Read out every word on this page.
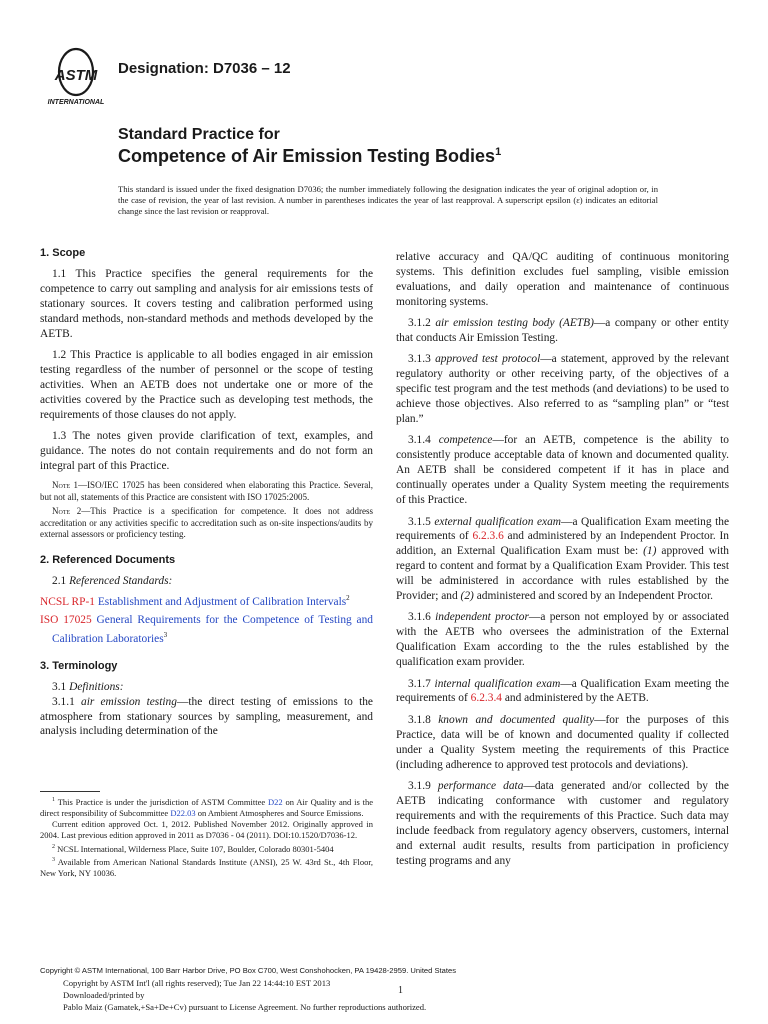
ASTM
INTERNATIONAL
Designation: D7036 – 12
Standard Practice for
Competence of Air Emission Testing Bodies$^1$
This standard is issued under the fixed designation D7036; the number immediately following the designation indicates the year of original adoption or, in the case of revision, the year of last revision. A number in parentheses indicates the year of last reapproval. A superscript epsilon (ε) indicates an editorial change since the last revision or reapproval.

1. Scope

1.1 This Practice specifies the general requirements for the competence to carry out sampling and analysis for air emissions tests of stationary sources. It covers testing and calibration performed using standard methods, non-standard methods and methods developed by the AETB.

1.2 This Practice is applicable to all bodies engaged in air emission testing regardless of the number of personnel or the scope of testing activities. When an AETB does not undertake one or more of the activities covered by the Practice such as developing test methods, the requirements of those clauses do not apply.

1.3 The notes given provide clarification of text, examples, and guidance. The notes do not contain requirements and do not form an integral part of this Practice.

Note 1—ISO/IEC 17025 has been considered when elaborating this Practice. Several, but not all, statements of this Practice are consistent with ISO 17025:2005.

Note 2—This Practice is a specification for competence. It does not address accreditation or any activities specific to accreditation such as on-site inspections/audits by external assessors or proficiency testing.

2. Referenced Documents

2.1 Referenced Standards:

NCSL RP-1 Establishment and Adjustment of Calibration Intervals$^2$

ISO 17025 General Requirements for the Competence of Testing and Calibration Laboratories$^3$

3. Terminology

3.1 Definitions:

3.1.1 air emission testing—the direct testing of emissions to the atmosphere from stationary sources by sampling, measurement, and analysis including determination of the

relative accuracy and QA/QC auditing of continuous monitoring systems. This definition excludes fuel sampling, visible emission evaluations, and daily operation and maintenance of continuous monitoring systems.

3.1.2 air emission testing body (AETB)—a company or other entity that conducts Air Emission Testing.

3.1.3 approved test protocol—a statement, approved by the relevant regulatory authority or other receiving party, of the objectives of a specific test program and the test methods (and deviations) to be used to achieve those objectives. Also referred to as “sampling plan” or “test plan.”

3.1.4 competence—for an AETB, competence is the ability to consistently produce acceptable data of known and documented quality. An AETB shall be considered competent if it has in place and continually operates under a Quality System meeting the requirements of this Practice.

3.1.5 external qualification exam—a Qualification Exam meeting the requirements of 6.2.3.6 and administered by an Independent Proctor. In addition, an External Qualification Exam must be: (1) approved with regard to content and format by a Qualification Exam Provider. This test will be administered in accordance with rules established by the Provider; and (2) administered and scored by an Independent Proctor.

3.1.6 independent proctor—a person not employed by or associated with the AETB who oversees the administration of the External Qualification Exam according to the the rules established by the qualification exam provider.

3.1.7 internal qualification exam—a Qualification Exam meeting the requirements of 6.2.3.4 and administered by the AETB.

3.1.8 known and documented quality—for the purposes of this Practice, data will be of known and documented quality if collected under a Quality System meeting the requirements of this Practice (including adherence to approved test protocols and deviations).

3.1.9 performance data—data generated and/or collected by the AETB indicating conformance with customer and regulatory requirements and with the requirements of this Practice. Such data may include feedback from regulatory agency observers, customers, internal and external audit results, results from participation in proficiency testing programs and any

$^1$ This Practice is under the jurisdiction of ASTM Committee D22 on Air Quality and is the direct responsibility of Subcommittee D22.03 on Ambient Atmospheres and Source Emissions.

Current edition approved Oct. 1, 2012. Published November 2012. Originally approved in 2004. Last previous edition approved in 2011 as D7036 - 04 (2011). DOI:10.1520/D7036-12.

$^2$ NCSL International, Wilderness Place, Suite 107, Boulder, Colorado 80301-5404

$^3$ Available from American National Standards Institute (ANSI), 25 W. 43rd St., 4th Floor, New York, NY 10036.

Copyright © ASTM International, 100 Barr Harbor Drive, PO Box C700, West Conshohocken, PA 19428-2959. United States
Copyright by ASTM Int'l (all rights reserved); Tue Jan 22 14:44:10 EST 2013
Downloaded/printed by
Pablo Maiz (Gamatek,+Sa+De+Cv) pursuant to License Agreement. No further reproductions authorized.
1
